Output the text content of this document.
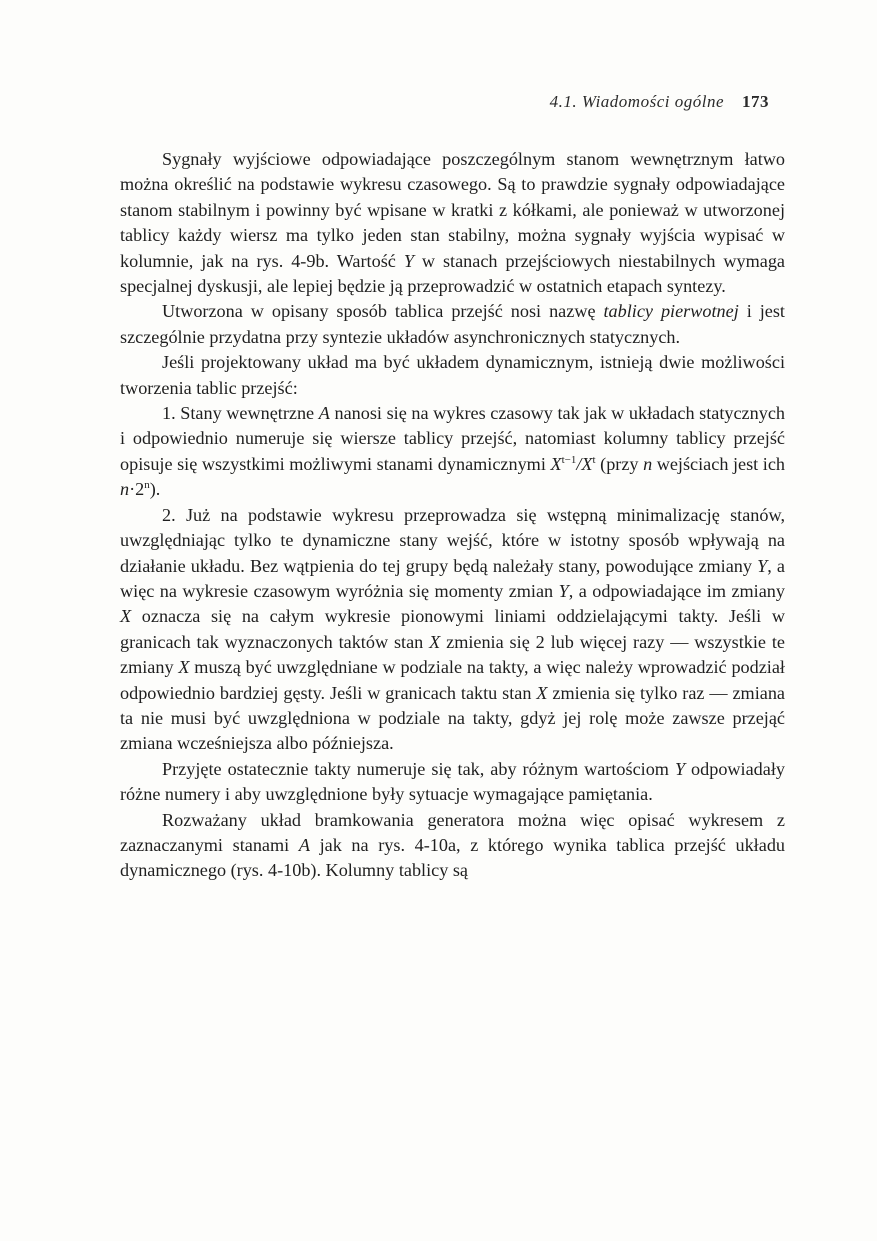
4.1. Wiadomości ogólne 173

Sygnały wyjściowe odpowiadające poszczególnym stanom wewnętrznym łatwo można określić na podstawie wykresu czasowego. Są to prawdzie sygnały odpowiadające stanom stabilnym i powinny być wpisane w kratki z kółkami, ale ponieważ w utworzonej tablicy każdy wiersz ma tylko jeden stan stabilny, można sygnały wyjścia wypisać w kolumnie, jak na rys. 4-9b. Wartość Y w stanach przejściowych niestabilnych wymaga specjalnej dyskusji, ale lepiej będzie ją przeprowadzić w ostatnich etapach syntezy.

Utworzona w opisany sposób tablica przejść nosi nazwę tablicy pierwotnej i jest szczególnie przydatna przy syntezie układów asynchronicznych statycznych.

Jeśli projektowany układ ma być układem dynamicznym, istnieją dwie możliwości tworzenia tablic przejść:

1. Stany wewnętrzne A nanosi się na wykres czasowy tak jak w układach statycznych i odpowiednio numeruje się wiersze tablicy przejść, natomiast kolumny tablicy przejść opisuje się wszystkimi możliwymi stanami dynamicznymi $X^{t-1}/X^t$ (przy n wejściach jest ich $n\cdot 2^n$).

2. Już na podstawie wykresu przeprowadza się wstępną minimalizację stanów, uwzględniając tylko te dynamiczne stany wejść, które w istotny sposób wpływają na działanie układu. Bez wątpienia do tej grupy będą należały stany, powodujące zmiany Y, a więc na wykresie czasowym wyróżnia się momenty zmian Y, a odpowiadające im zmiany X oznacza się na całym wykresie pionowymi liniami oddzielającymi takty. Jeśli w granicach tak wyznaczonych taktów stan X zmienia się 2 lub więcej razy — wszystkie te zmiany X muszą być uwzględniane w podziale na takty, a więc należy wprowadzić podział odpowiednio bardziej gęsty. Jeśli w granicach taktu stan X zmienia się tylko raz — zmiana ta nie musi być uwzględniona w podziale na takty, gdyż jej rolę może zawsze przejąć zmiana wcześniejsza albo późniejsza.

Przyjęte ostatecznie takty numeruje się tak, aby różnym wartościom Y odpowiadały różne numery i aby uwzględnione były sytuacje wymagające pamiętania.

Rozważany układ bramkowania generatora można więc opisać wykresem z zaznaczanymi stanami A jak na rys. 4-10a, z którego wynika tablica przejść układu dynamicznego (rys. 4-10b). Kolumny tablicy są
